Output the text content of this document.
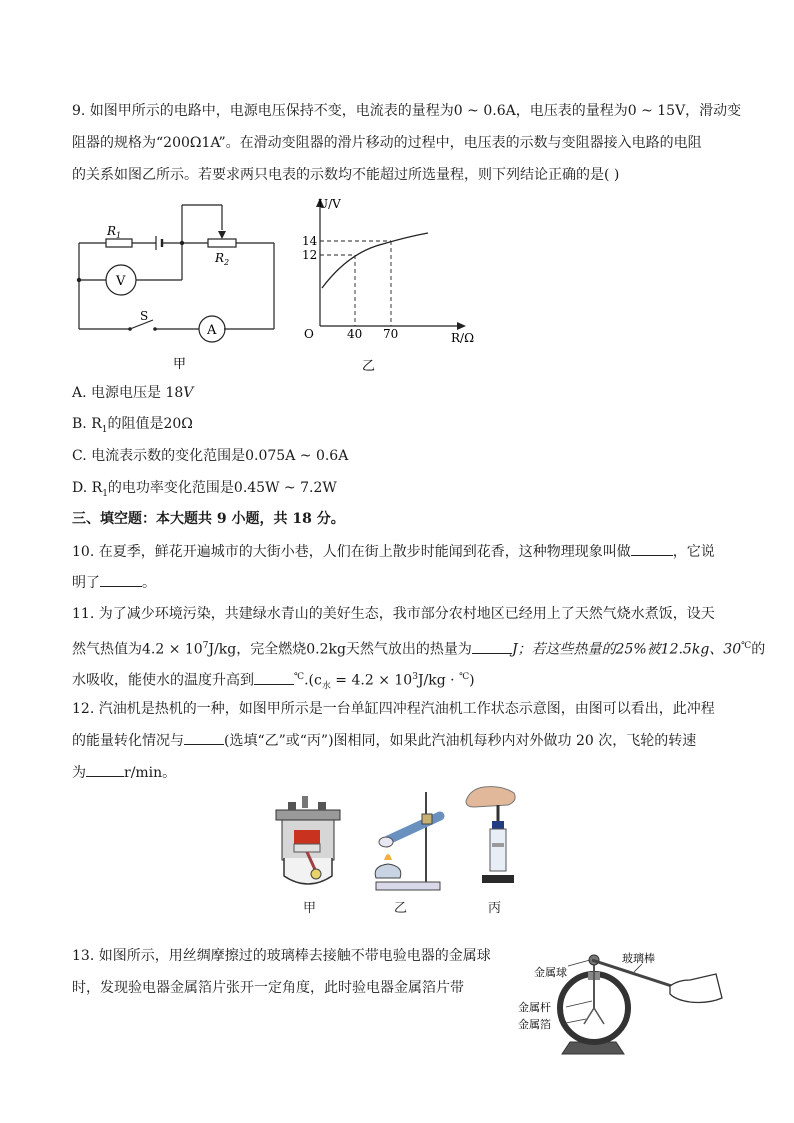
9. 如图甲所示的电路中，电源电压保持不变，电流表的量程为0 ~ 0.6A，电压表的量程为0 ~ 15V，滑动变
阻器的规格为“200Ω1A”。在滑动变阻器的滑片移动的过程中，电压表的示数与变阻器接入电路的电阻
的关系如图乙所示。若要求两只电表的示数均不能超过所选量程，则下列结论正确的是( )
$R_1$
$R_2$
V
A
S
甲
U/V
R/Ω
O	40 70
12
14
乙
A. 电源电压是 18V
B. $R_1$的阻值是20Ω
C. 电流表示数的变化范围是0.075A ~ 0.6A
D. $R_1$的电功率变化范围是0.45W ~ 7.2W
三、填空题：本大题共 9 小题，共 18 分。
10. 在夏季，鲜花开遍城市的大街小巷，人们在街上散步时能闻到花香，这种物理现象叫做	，它说
明了	。
11. 为了减少环境污染，共建绿水青山的美好生态，我市部分农村地区已经用上了天然气烧水煮饭，设天
然气热值为$4.2 \times 10^7J/kg$，完全燃烧0.2kg天然气放出的热量为	J；若这些热量的25%被12.5kg、30℃的
水吸收，能使水的温度升高到	$^℃.(c_水 = 4.2 \times 10^3J/kg \cdot ^℃)$
12. 汽油机是热机的一种，如图甲所示是一台单缸四冲程汽油机工作状态示意图，由图可以看出，此冲程
的能量转化情况与	(选填“乙”或“丙”)图相同，如果此汽油机每秒内对外做功 20 次，飞轮的转速
为	r/min。
甲	乙	丙
13. 如图所示，用丝绸摩擦过的玻璃棒去接触不带电验电器的金属球
时，发现验电器金属箔片张开一定角度，此时验电器金属箔片带
金属球
玻璃棒
金属杆
金属箔
